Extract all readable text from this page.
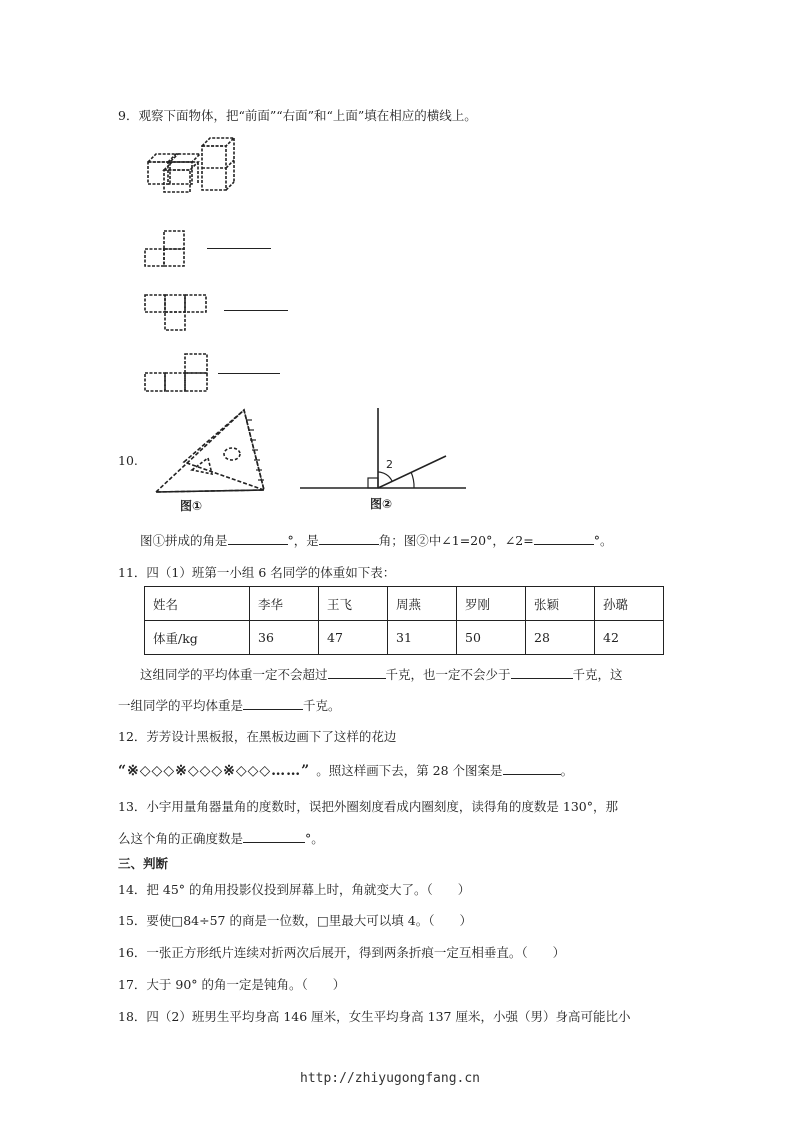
9．观察下面物体，把“前面”“右面”和“上面”填在相应的横线上。
10.
图①
2
图②
图①拼成的角是	°，是	角；图②中∠1=20°，∠2=	°。
11．四（1）班第一小组 6 名同学的体重如下表：
姓名	李华	王飞	周燕	罗刚	张颖	孙璐
体重/kg	36	47	31	50	28	42
这组同学的平均体重一定不会超过	千克，也一定不会少于	千克，这
一组同学的平均体重是	千克。
12．芳芳设计黑板报，在黑板边画下了这样的花边
“※◇◇◇※◇◇◇※◇◇◇……” 。照这样画下去，第 28 个图案是	。
13．小宇用量角器量角的度数时，误把外圈刻度看成内圈刻度，读得角的度数是 130°，那
么这个角的正确度数是	°。
三、判断
14．把 45° 的角用投影仪投到屏幕上时，角就变大了。（　　）
15．要使□84÷57 的商是一位数，□里最大可以填 4。（　　）
16．一张正方形纸片连续对折两次后展开，得到两条折痕一定互相垂直。（　　）
17．大于 90° 的角一定是钝角。（　　）
18．四（2）班男生平均身高 146 厘米，女生平均身高 137 厘米，小强（男）身高可能比小
http://zhiyugongfang.cn
